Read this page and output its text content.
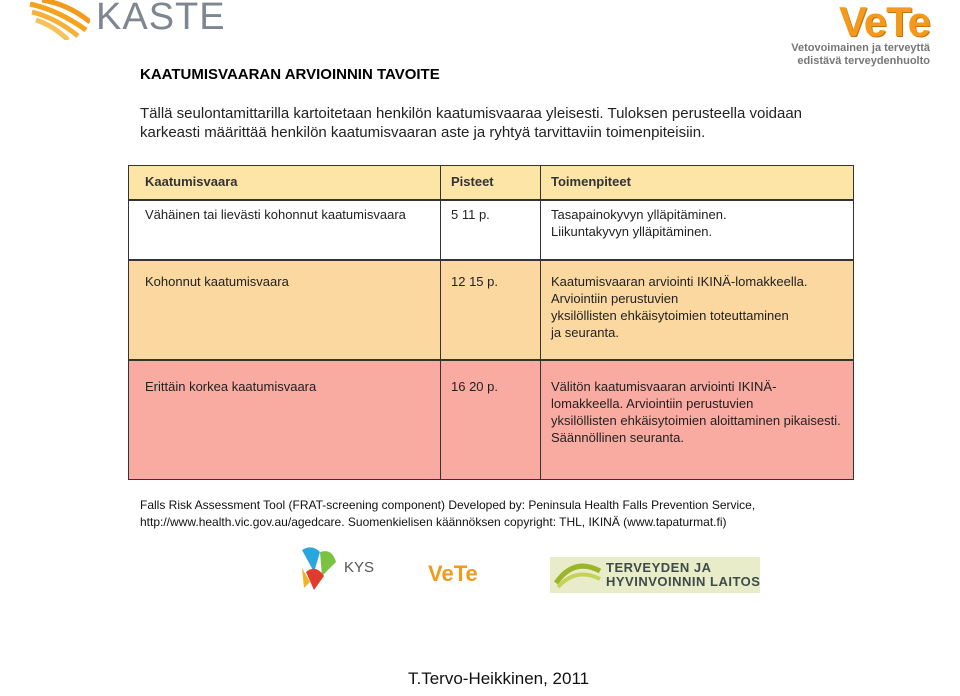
KASTE	VeTe
Vetovoimainen ja terveyttä edistävä terveydenhuolto
KAATUMISVAARAN ARVIOINNIN TAVOITE
Tällä seulontamittarilla kartoitetaan henkilön kaatumisvaaraa yleisesti. Tuloksen perusteella voidaan karkeasti määrittää henkilön kaatumisvaaran aste ja ryhtyä tarvittaviin toimenpiteisiin.
Kaatumisvaara	Pisteet	Toimenpiteet
Vähäinen tai lievästi kohonnut kaatumisvaara	5 11 p.	Tasapainokyvyn ylläpitäminen.
Liikuntakyvyn ylläpitäminen.
Kohonnut kaatumisvaara	12 15 p.	Kaatumisvaaran arviointi IKINÄ-lomakkeella.
Arviointiin perustuvien
yksilöllisten ehkäisytoimien toteuttaminen
ja seuranta.
Erittäin korkea kaatumisvaara	16 20 p.	Välitön kaatumisvaaran arviointi IKINÄ-
lomakkeella. Arviointiin perustuvien
yksilöllisten ehkäisytoimien aloittaminen pikaisesti.
Säännöllinen seuranta.
Falls Risk Assessment Tool (FRAT-screening component) Developed by: Peninsula Health Falls Prevention Service,
http://www.health.vic.gov.au/agedcare. Suomenkielisen käännöksen copyright: THL, IKINÄ (www.tapaturmat.fi)
KYS VeTe	TERVEYDEN JA
HYVINVOINNIN LAITOS
T.Tervo-Heikkinen, 2011
